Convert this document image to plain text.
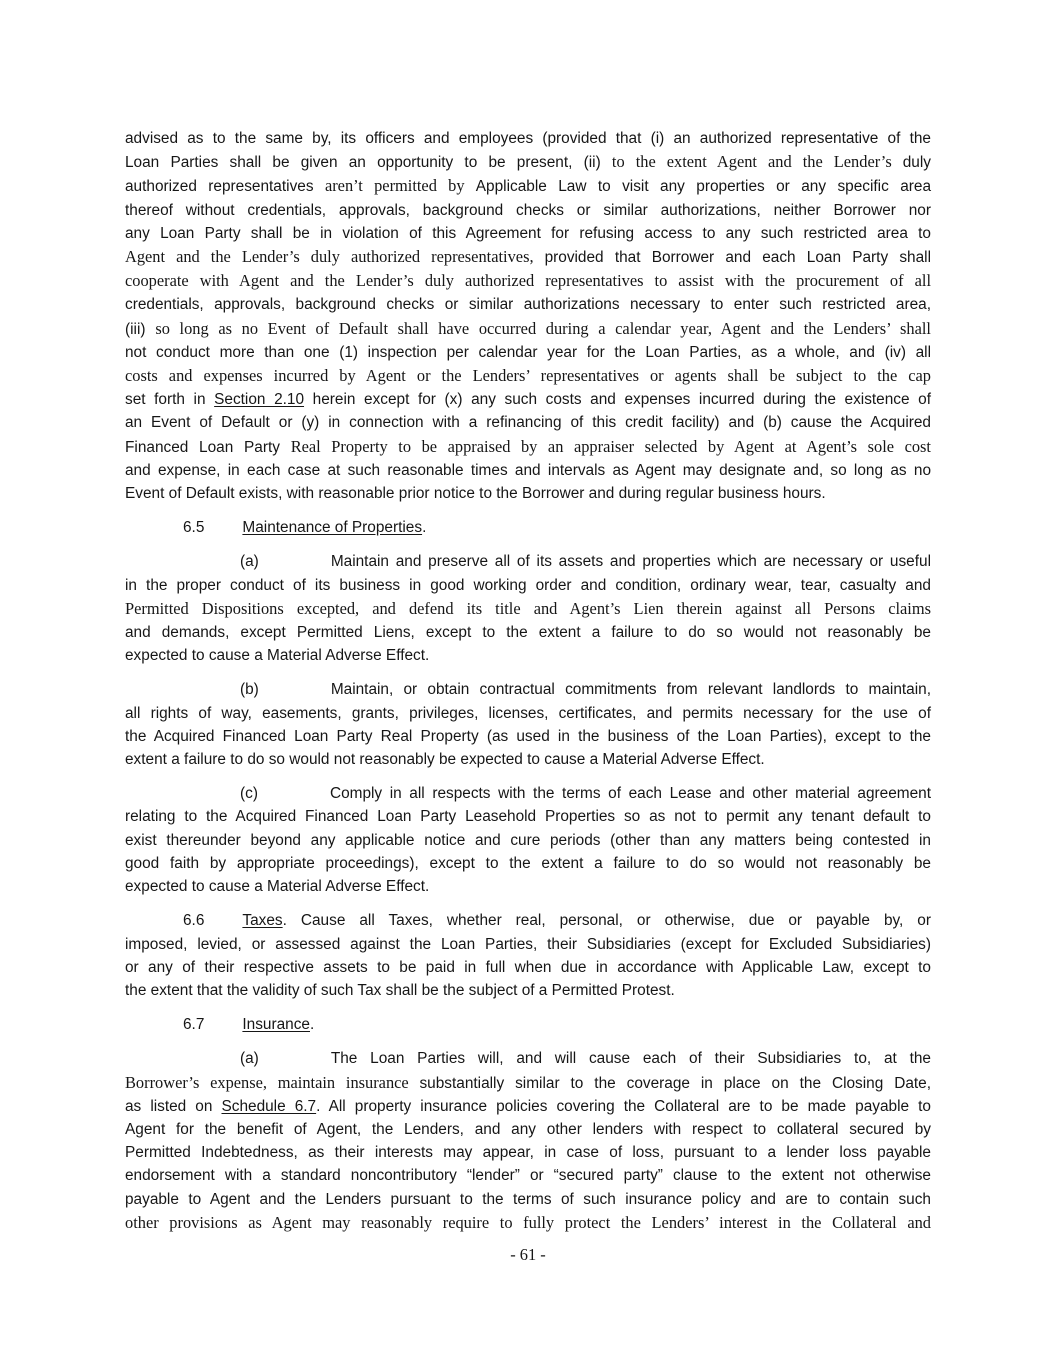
advised as to the same by, its officers and employees (provided that (i) an authorized representative of the
Loan Parties shall be given an opportunity to be present, (ii) to the extent Agent and the Lender’s duly
authorized representatives aren’t permitted by Applicable Law to visit any properties or any specific area
thereof without credentials, approvals, background checks or similar authorizations, neither Borrower nor
any Loan Party shall be in violation of this Agreement for refusing access to any such restricted area to
Agent and the Lender’s duly authorized representatives, provided that Borrower and each Loan Party shall
cooperate with Agent and the Lender’s duly authorized representatives to assist with the procurement of all
credentials, approvals, background checks or similar authorizations necessary to enter such restricted area,
(iii) so long as no Event of Default shall have occurred during a calendar year, Agent and the Lenders’ shall
not conduct more than one (1) inspection per calendar year for the Loan Parties, as a whole, and (iv) all
costs and expenses incurred by Agent or the Lenders’ representatives or agents shall be subject to the cap
set forth in Section 2.10 herein except for (x) any such costs and expenses incurred during the existence of
an Event of Default or (y) in connection with a refinancing of this credit facility) and (b) cause the Acquired
Financed Loan Party Real Property to be appraised by an appraiser selected by Agent at Agent’s sole cost
and expense, in each case at such reasonable times and intervals as Agent may designate and, so long as no
Event of Default exists, with reasonable prior notice to the Borrower and during regular business hours.
6.5 Maintenance of Properties.
(a)	Maintain and preserve all of its assets and properties which are necessary or useful
in the proper conduct of its business in good working order and condition, ordinary wear, tear, casualty and
Permitted Dispositions excepted, and defend its title and Agent’s Lien therein against all Persons claims
and demands, except Permitted Liens, except to the extent a failure to do so would not reasonably be
expected to cause a Material Adverse Effect.
(b)	Maintain, or obtain contractual commitments from relevant landlords to maintain,
all rights of way, easements, grants, privileges, licenses, certificates, and permits necessary for the use of
the Acquired Financed Loan Party Real Property (as used in the business of the Loan Parties), except to the
extent a failure to do so would not reasonably be expected to cause a Material Adverse Effect.
(c)	Comply in all respects with the terms of each Lease and other material agreement
relating to the Acquired Financed Loan Party Leasehold Properties so as not to permit any tenant default to
exist thereunder beyond any applicable notice and cure periods (other than any matters being contested in
good faith by appropriate proceedings), except to the extent a failure to do so would not reasonably be
expected to cause a Material Adverse Effect.
6.6 Taxes. Cause all Taxes, whether real, personal, or otherwise, due or payable by, or
imposed, levied, or assessed against the Loan Parties, their Subsidiaries (except for Excluded Subsidiaries)
or any of their respective assets to be paid in full when due in accordance with Applicable Law, except to
the extent that the validity of such Tax shall be the subject of a Permitted Protest.
6.7 Insurance.
(a)	The Loan Parties will, and will cause each of their Subsidiaries to, at the
Borrower’s expense, maintain insurance substantially similar to the coverage in place on the Closing Date,
as listed on Schedule 6.7. All property insurance policies covering the Collateral are to be made payable to
Agent for the benefit of Agent, the Lenders, and any other lenders with respect to collateral secured by
Permitted Indebtedness, as their interests may appear, in case of loss, pursuant to a lender loss payable
endorsement with a standard noncontributory “lender” or “secured party” clause to the extent not otherwise
payable to Agent and the Lenders pursuant to the terms of such insurance policy and are to contain such
other provisions as Agent may reasonably require to fully protect the Lenders’ interest in the Collateral and
- 61 -
